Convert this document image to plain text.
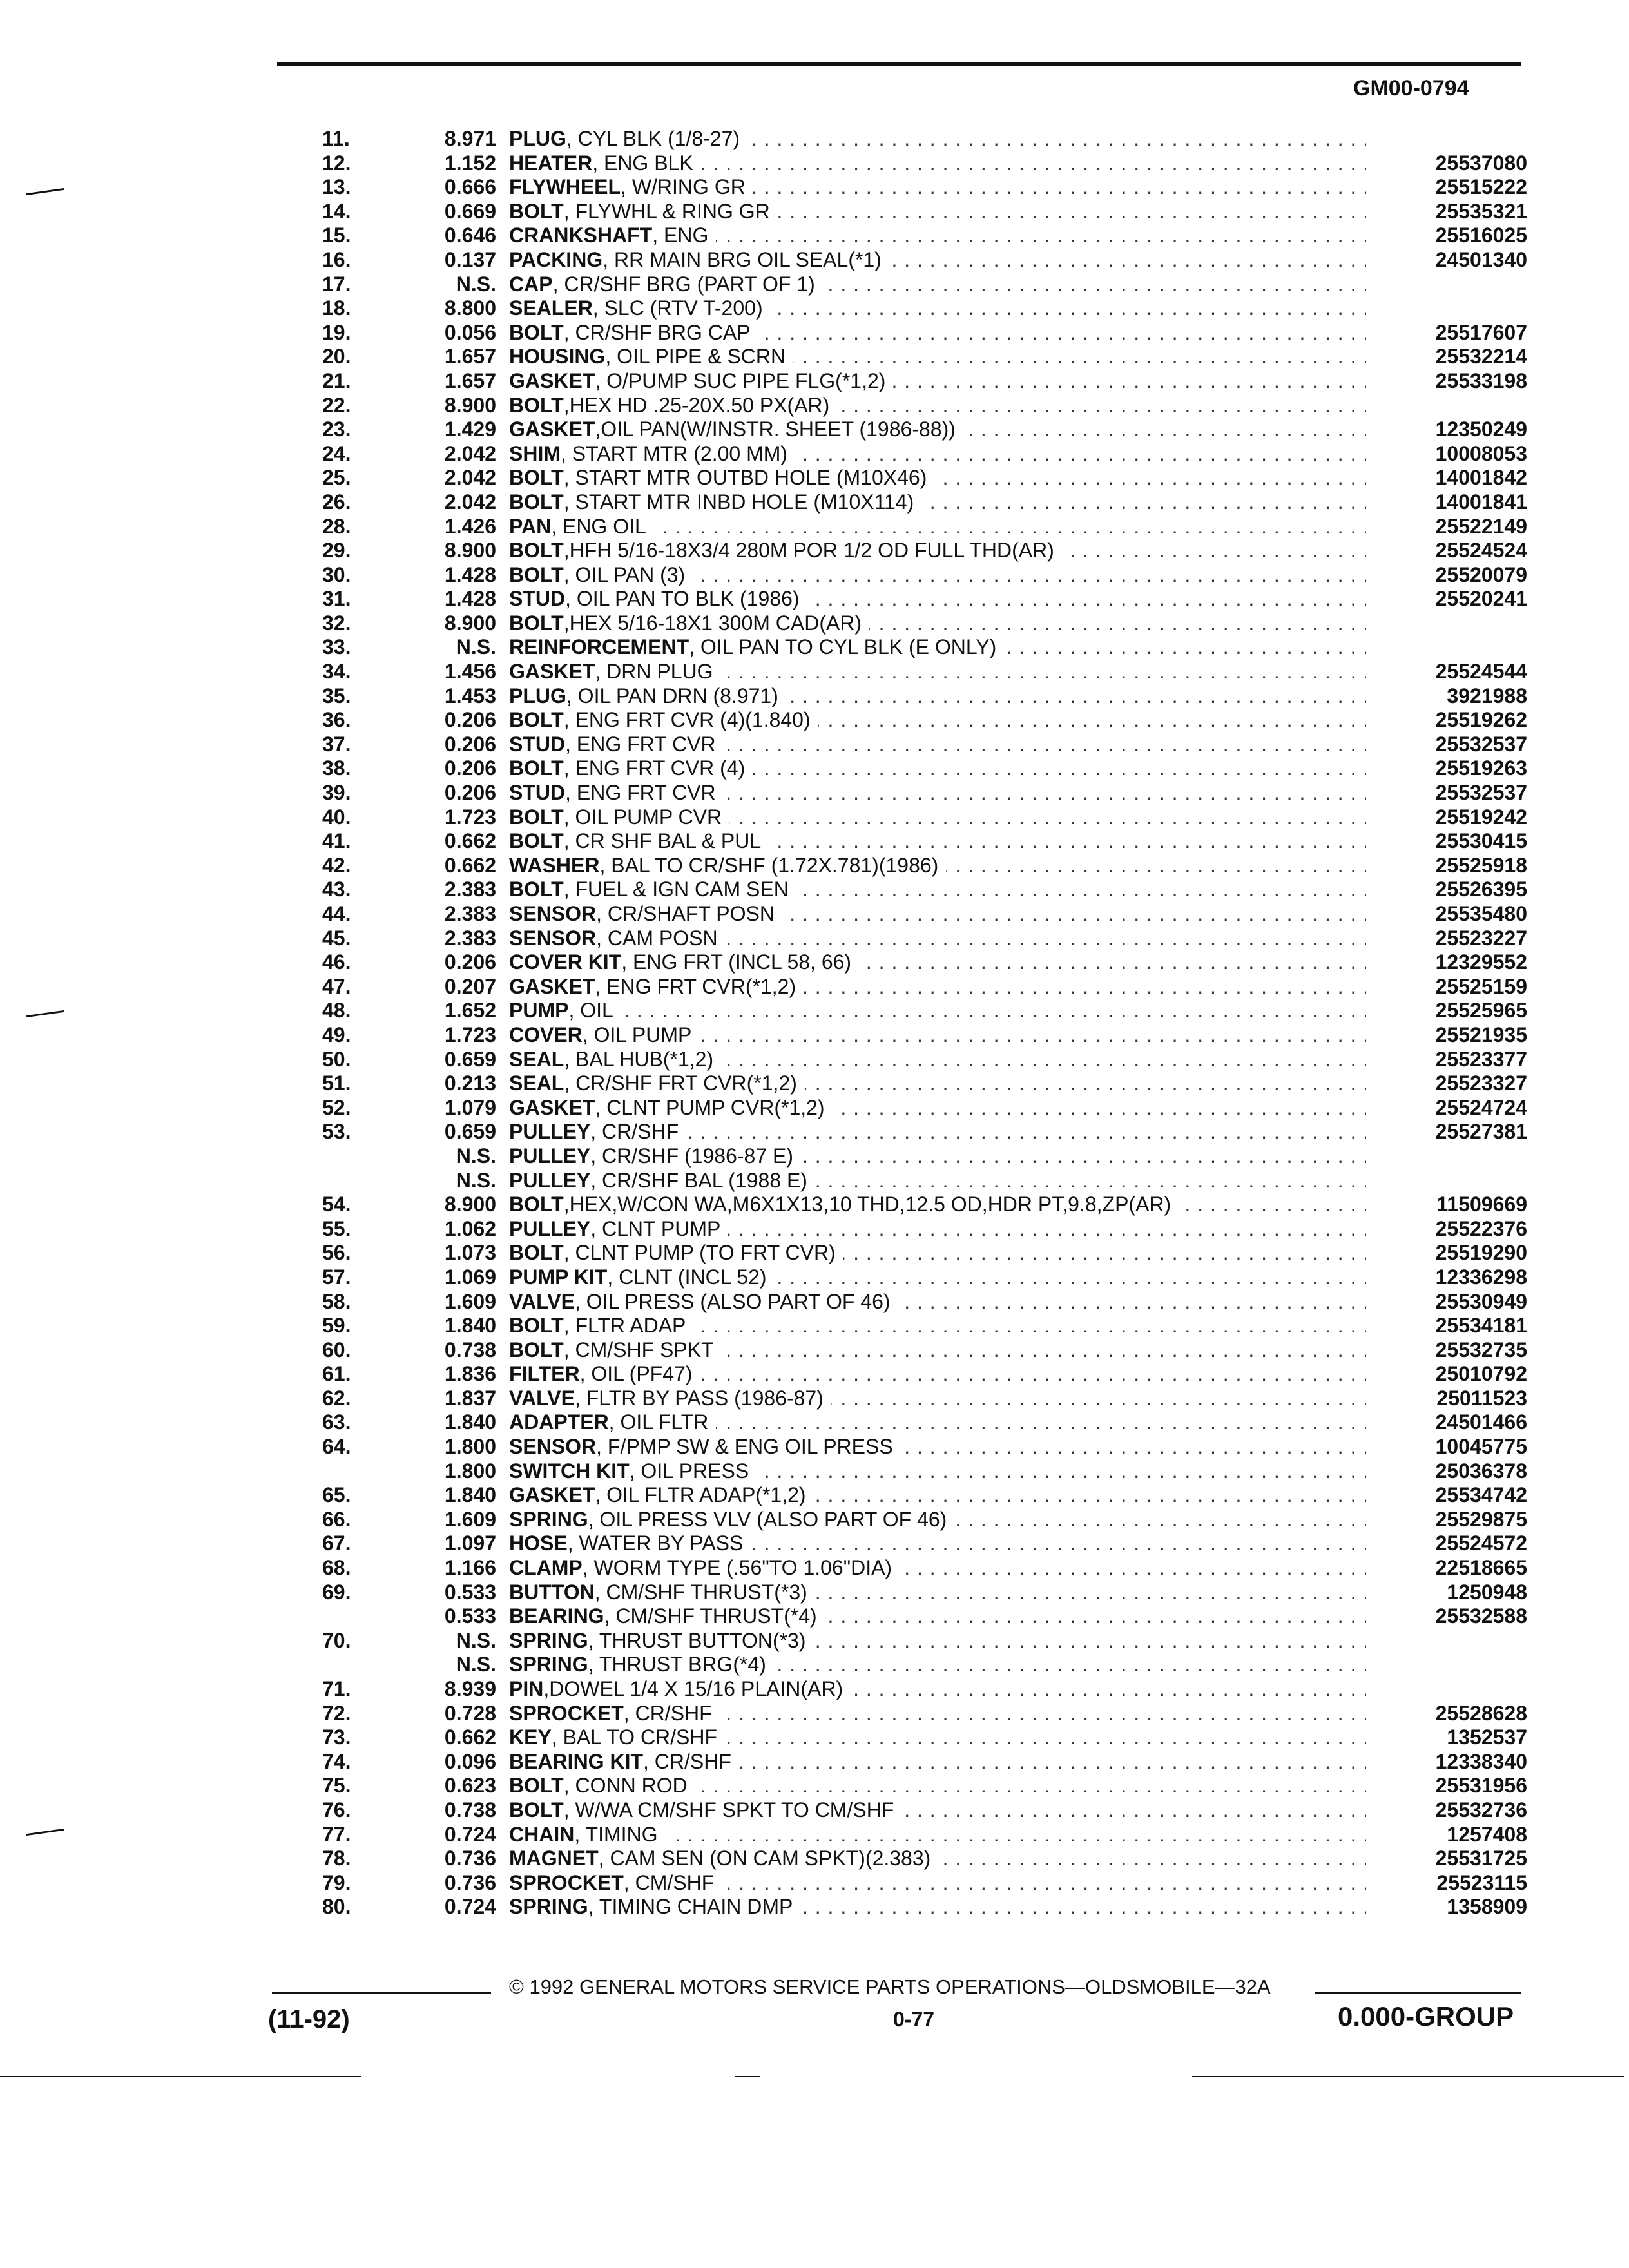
GM00-0794
11.	8.971 . . . PLUG, CYL BLK (1/8-27)
12.	1.152 . . . HEATER, ENG BLK	25537080
13.	0.666 . . . FLYWHEEL, W/RING GR	25515222
14.	0.669 . . . BOLT, FLYWHL & RING GR	25535321
15.	0.646 . . . CRANKSHAFT, ENG	25516025
16.	0.137 . . . PACKING, RR MAIN BRG OIL SEAL(*1)	24501340
17.	N.S. . . . CAP, CR/SHF BRG (PART OF 1)
18.	8.800 . . . SEALER, SLC (RTV T-200)
19.	0.056 . . . BOLT, CR/SHF BRG CAP	25517607
20.	1.657 . . . HOUSING, OIL PIPE & SCRN	25532214
21.	1.657 . . . GASKET, O/PUMP SUC PIPE FLG(*1,2)	25533198
22.	8.900 . . . BOLT,HEX HD .25-20X.50 PX(AR)
23.	1.429 . . . GASKET,OIL PAN(W/INSTR. SHEET (1986-88))	12350249
24.	2.042 . . . SHIM, START MTR (2.00 MM)	10008053
25.	2.042 . . . BOLT, START MTR OUTBD HOLE (M10X46)	14001842
26.	2.042 . . . BOLT, START MTR INBD HOLE (M10X114)	14001841
28.	1.426 . . . PAN, ENG OIL	25522149
29.	8.900 . . . BOLT,HFH 5/16-18X3/4 280M POR 1/2 OD FULL THD(AR)	25524524
30.	1.428 . . . BOLT, OIL PAN (3)	25520079
31.	1.428 . . . STUD, OIL PAN TO BLK (1986)	25520241
32.	8.900 . . . BOLT,HEX 5/16-18X1 300M CAD(AR)
33.	N.S. . . . REINFORCEMENT, OIL PAN TO CYL BLK (E ONLY)
34.	1.456 . . . GASKET, DRN PLUG	25524544
35.	1.453 . . . PLUG, OIL PAN DRN (8.971)	3921988
36.	0.206 . . . BOLT, ENG FRT CVR (4)(1.840)	25519262
37.	0.206 . . . STUD, ENG FRT CVR	25532537
38.	0.206 . . . BOLT, ENG FRT CVR (4)	25519263
39.	0.206 . . . STUD, ENG FRT CVR	25532537
40.	1.723 . . . BOLT, OIL PUMP CVR	25519242
41.	0.662 . . . BOLT, CR SHF BAL & PUL	25530415
42.	0.662 . . . WASHER, BAL TO CR/SHF (1.72X.781)(1986)	25525918
43.	2.383 . . . BOLT, FUEL & IGN CAM SEN	25526395
44.	2.383 . . . SENSOR, CR/SHAFT POSN	25535480
45.	2.383 . . . SENSOR, CAM POSN	25523227
46.	0.206 . . . COVER KIT, ENG FRT (INCL 58, 66)	12329552
47.	0.207 . . . GASKET, ENG FRT CVR(*1,2)	25525159
48.	1.652 . . . PUMP, OIL	25525965
49.	1.723 . . . COVER, OIL PUMP	25521935
50.	0.659 . . . SEAL, BAL HUB(*1,2)	25523377
51.	0.213 . . . SEAL, CR/SHF FRT CVR(*1,2)	25523327
52.	1.079 . . . GASKET, CLNT PUMP CVR(*1,2)	25524724
53.	0.659 . . . PULLEY, CR/SHF	25527381
N.S. . . . PULLEY, CR/SHF (1986-87 E)
N.S. . . . PULLEY, CR/SHF BAL (1988 E)
54.	8.900 . . . BOLT,HEX,W/CON WA,M6X1X13,10 THD,12.5 OD,HDR PT,9.8,ZP(AR)	11509669
55.	1.062 . . . PULLEY, CLNT PUMP	25522376
56.	1.073 . . . BOLT, CLNT PUMP (TO FRT CVR)	25519290
57.	1.069 . . . PUMP KIT, CLNT (INCL 52)	12336298
58.	1.609 . . . VALVE, OIL PRESS (ALSO PART OF 46)	25530949
59.	1.840 . . . BOLT, FLTR ADAP	25534181
60.	0.738 . . . BOLT, CM/SHF SPKT	25532735
61.	1.836 . . . FILTER, OIL (PF47)	25010792
62.	1.837 . . . VALVE, FLTR BY PASS (1986-87)	25011523
63.	1.840 . . . ADAPTER, OIL FLTR	24501466
64.	1.800 . . . SENSOR, F/PMP SW & ENG OIL PRESS	10045775
1.800 . . . SWITCH KIT, OIL PRESS	25036378
65.	1.840 . . . GASKET, OIL FLTR ADAP(*1,2)	25534742
66.	1.609 . . . SPRING, OIL PRESS VLV (ALSO PART OF 46)	25529875
67.	1.097 . . . HOSE, WATER BY PASS	25524572
68.	1.166 . . . CLAMP, WORM TYPE (.56"TO 1.06"DIA)	22518665
69.	0.533 . . . BUTTON, CM/SHF THRUST(*3)	1250948
0.533 . . . BEARING, CM/SHF THRUST(*4)	25532588
70.	N.S. . . . SPRING, THRUST BUTTON(*3)
N.S. . . . SPRING, THRUST BRG(*4)
71.	8.939 . . . PIN,DOWEL 1/4 X 15/16 PLAIN(AR)
72.	0.728 . . . SPROCKET, CR/SHF	25528628
73.	0.662 . . . KEY, BAL TO CR/SHF	1352537
74.	0.096 . . . BEARING KIT, CR/SHF	12338340
75.	0.623 . . . BOLT, CONN ROD	25531956
76.	0.738 . . . BOLT, W/WA CM/SHF SPKT TO CM/SHF	25532736
77.	0.724 . . . CHAIN, TIMING	1257408
78.	0.736 . . . MAGNET, CAM SEN (ON CAM SPKT)(2.383)	25531725
79.	0.736 . . . SPROCKET, CM/SHF	25523115
80.	0.724 . . . SPRING, TIMING CHAIN DMP	1358909
© 1992 GENERAL MOTORS SERVICE PARTS OPERATIONS—OLDSMOBILE—32A
(11-92)	0-77	0.000-GROUP
